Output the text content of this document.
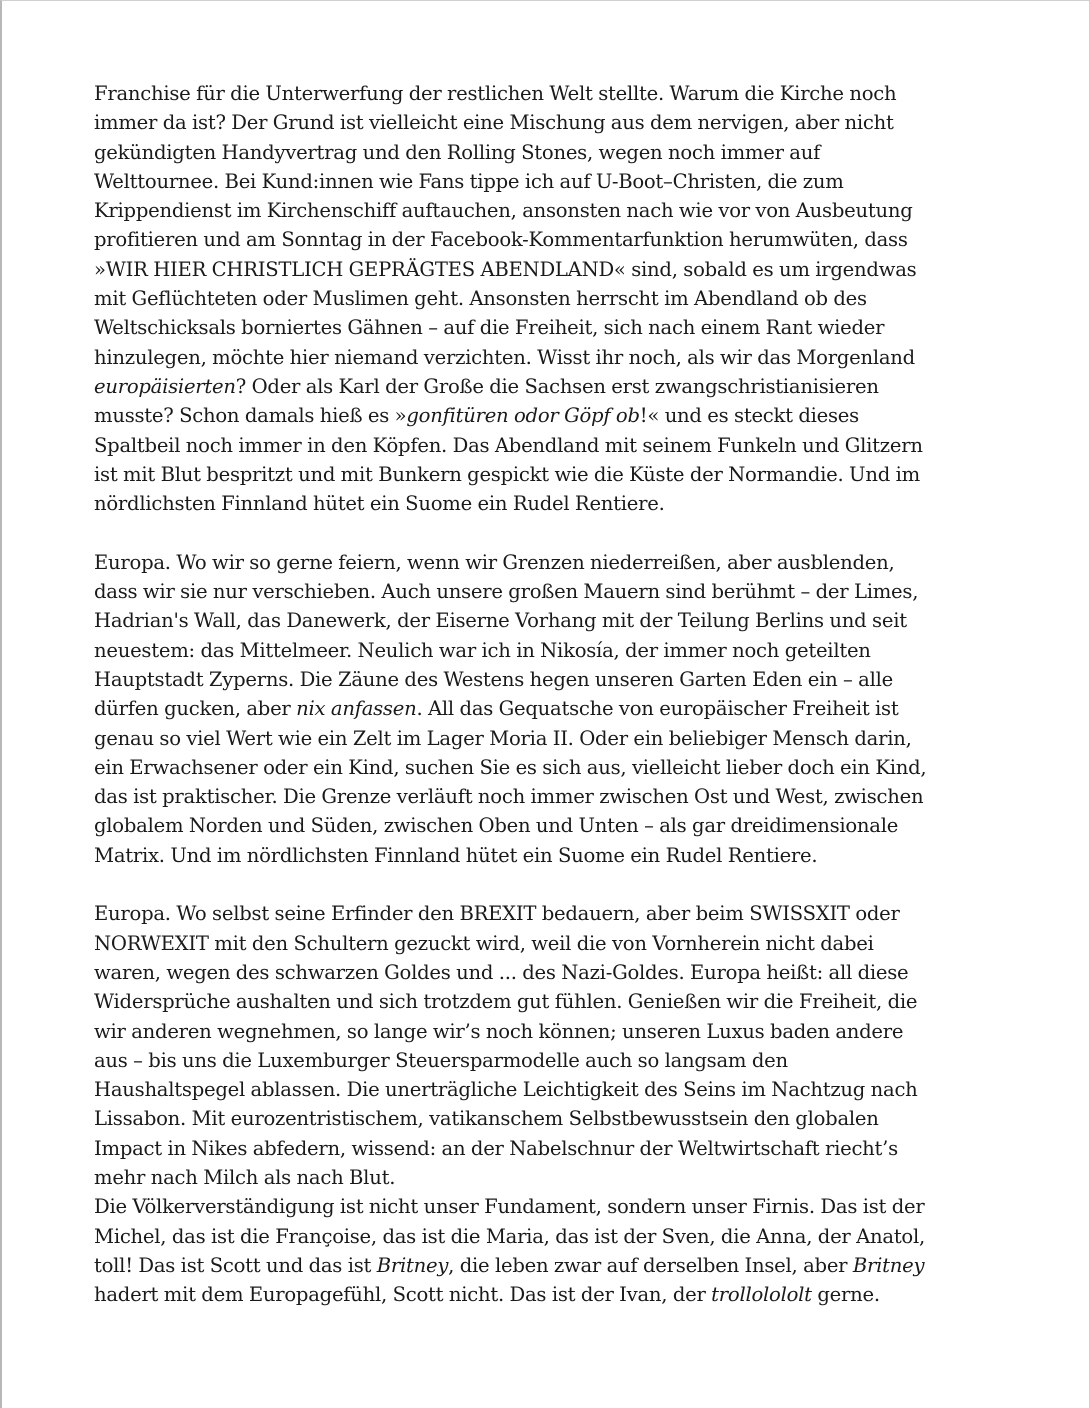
Franchise für die Unterwerfung der restlichen Welt stellte. Warum die Kirche noch
immer da ist? Der Grund ist vielleicht eine Mischung aus dem nervigen, aber nicht
gekündigten Handyvertrag und den Rolling Stones, wegen noch immer auf
Welttournee. Bei Kund:innen wie Fans tippe ich auf U-Boot–Christen, die zum
Krippendienst im Kirchenschiff auftauchen, ansonsten nach wie vor von Ausbeutung
profitieren und am Sonntag in der Facebook-Kommentarfunktion herumwüten, dass
»WIR HIER CHRISTLICH GEPRÄGTES ABENDLAND« sind, sobald es um irgendwas
mit Geflüchteten oder Muslimen geht. Ansonsten herrscht im Abendland ob des
Weltschicksals borniertes Gähnen – auf die Freiheit, sich nach einem Rant wieder
hinzulegen, möchte hier niemand verzichten. Wisst ihr noch, als wir das Morgenland
europäisierten? Oder als Karl der Große die Sachsen erst zwangschristianisieren
musste? Schon damals hieß es »gonfitüren odor Göpf ob!« und es steckt dieses
Spaltbeil noch immer in den Köpfen. Das Abendland mit seinem Funkeln und Glitzern
ist mit Blut bespritzt und mit Bunkern gespickt wie die Küste der Normandie. Und im
nördlichsten Finnland hütet ein Suome ein Rudel Rentiere.
Europa. Wo wir so gerne feiern, wenn wir Grenzen niederreißen, aber ausblenden,
dass wir sie nur verschieben. Auch unsere großen Mauern sind berühmt – der Limes,
Hadrian's Wall, das Danewerk, der Eiserne Vorhang mit der Teilung Berlins und seit
neuestem: das Mittelmeer. Neulich war ich in Nikosía, der immer noch geteilten
Hauptstadt Zyperns. Die Zäune des Westens hegen unseren Garten Eden ein – alle
dürfen gucken, aber nix anfassen. All das Gequatsche von europäischer Freiheit ist
genau so viel Wert wie ein Zelt im Lager Moria II. Oder ein beliebiger Mensch darin,
ein Erwachsener oder ein Kind, suchen Sie es sich aus, vielleicht lieber doch ein Kind,
das ist praktischer. Die Grenze verläuft noch immer zwischen Ost und West, zwischen
globalem Norden und Süden, zwischen Oben und Unten – als gar dreidimensionale
Matrix. Und im nördlichsten Finnland hütet ein Suome ein Rudel Rentiere.
Europa. Wo selbst seine Erfinder den BREXIT bedauern, aber beim SWISSXIT oder
NORWEXIT mit den Schultern gezuckt wird, weil die von Vornherein nicht dabei
waren, wegen des schwarzen Goldes und ... des Nazi-Goldes. Europa heißt: all diese
Widersprüche aushalten und sich trotzdem gut fühlen. Genießen wir die Freiheit, die
wir anderen wegnehmen, so lange wir’s noch können; unseren Luxus baden andere
aus – bis uns die Luxemburger Steuersparmodelle auch so langsam den
Haushaltspegel ablassen. Die unerträgliche Leichtigkeit des Seins im Nachtzug nach
Lissabon. Mit eurozentristischem, vatikanschem Selbstbewusstsein den globalen
Impact in Nikes abfedern, wissend: an der Nabelschnur der Weltwirtschaft riecht’s
mehr nach Milch als nach Blut.
Die Völkerverständigung ist nicht unser Fundament, sondern unser Firnis. Das ist der
Michel, das ist die Françoise, das ist die Maria, das ist der Sven, die Anna, der Anatol,
toll! Das ist Scott und das ist Britney, die leben zwar auf derselben Insel, aber Britney
hadert mit dem Europagefühl, Scott nicht. Das ist der Ivan, der trollolololt gerne.
